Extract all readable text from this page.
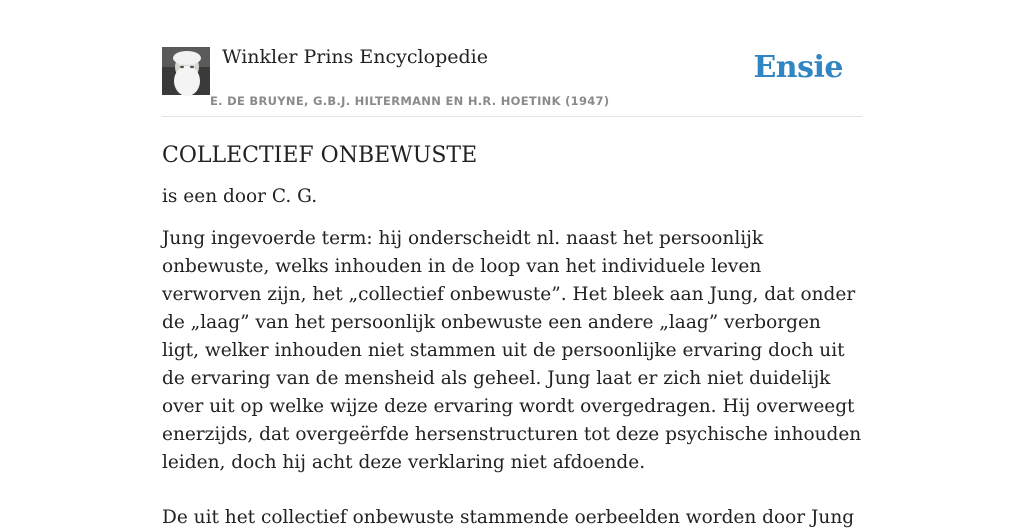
Winkler Prins Encyclopedie
E. DE BRUYNE, G.B.J. HILTERMANN EN H.R. HOETINK (1947)
Ensie
COLLECTIEF ONBEWUSTE

is een door C. G.

Jung ingevoerde term: hij onderscheidt nl. naast het persoonlijk onbewuste, welks inhouden in de loop van het individuele leven verworven zijn, het „collectief onbewuste”. Het bleek aan Jung, dat onder de „laag” van het persoonlijk onbewuste een andere „laag” verborgen ligt, welker inhouden niet stammen uit de persoonlijke ervaring doch uit de ervaring van de mensheid als geheel. Jung laat er zich niet duidelijk over uit op welke wijze deze ervaring wordt overgedragen. Hij overweegt enerzijds, dat overgeërfde hersenstructuren tot deze psychische inhouden leiden, doch hij acht deze verklaring niet afdoende.

De uit het collectief onbewuste stammende oerbeelden worden door Jung
